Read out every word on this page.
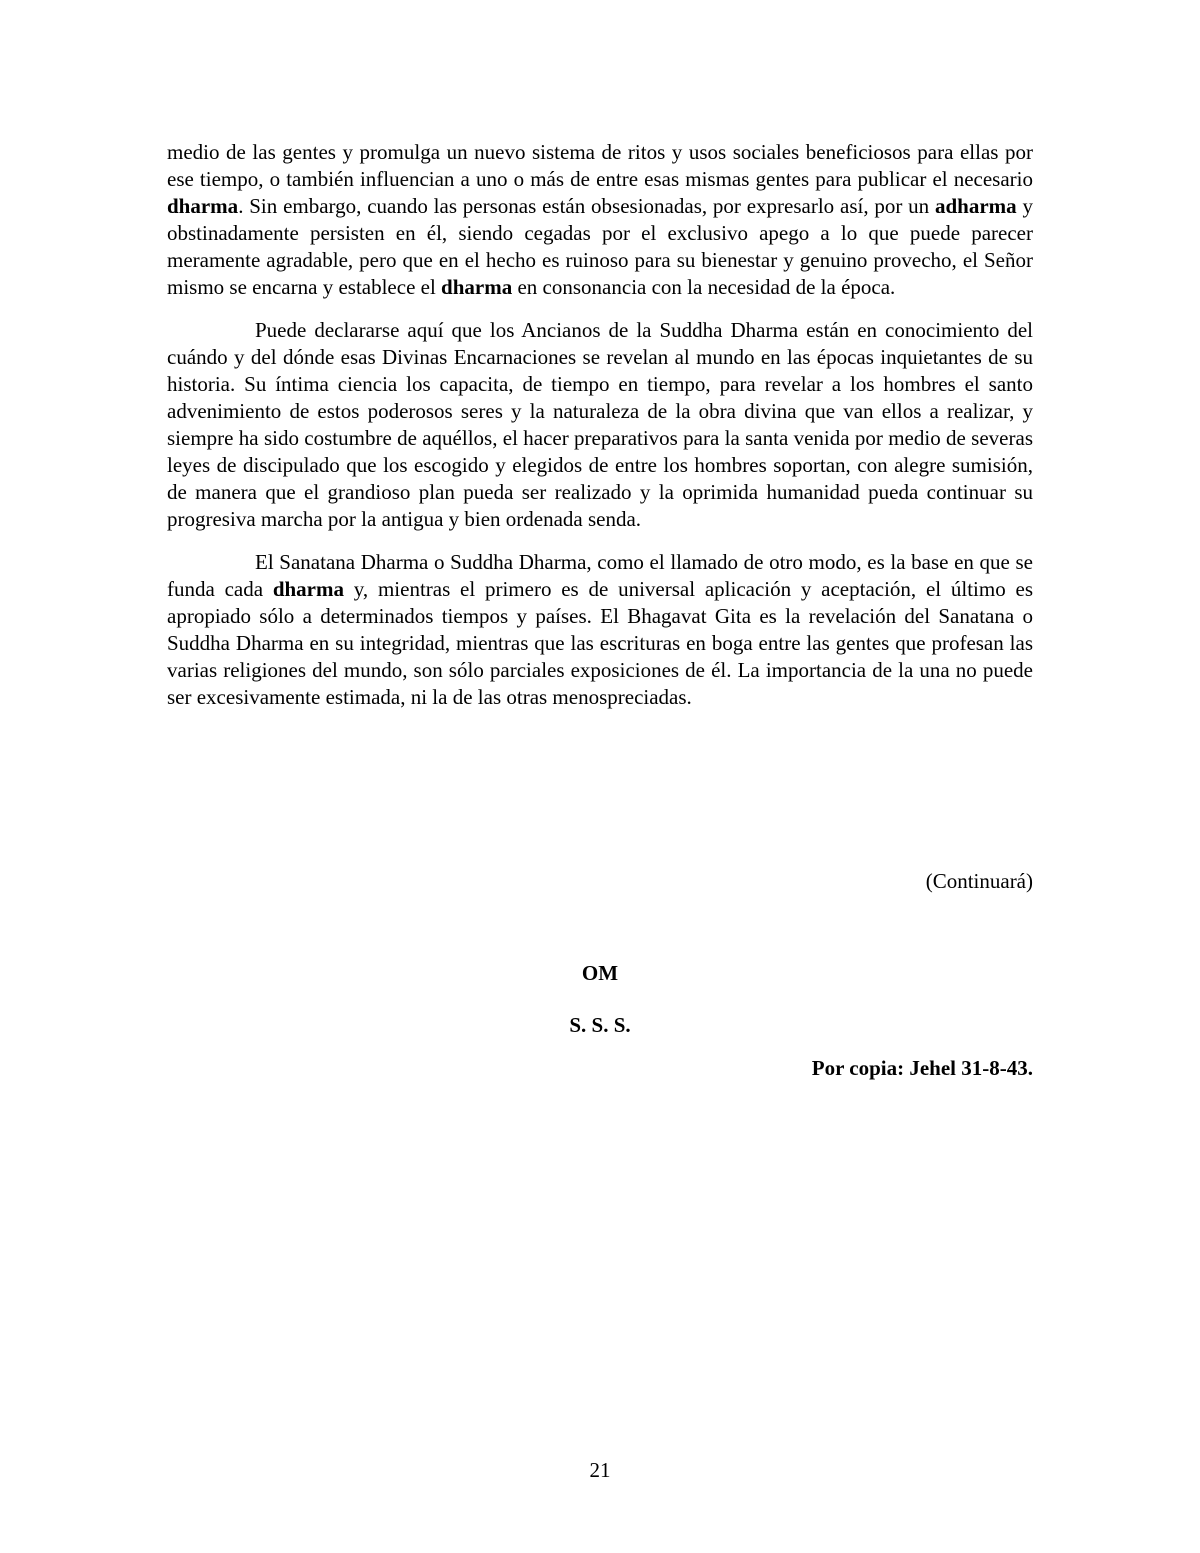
medio de las gentes y promulga un nuevo sistema de ritos y usos sociales beneficiosos para ellas por ese tiempo, o también influencian a uno o más de entre esas mismas gentes para publicar el necesario dharma. Sin embargo, cuando las personas están obsesionadas, por expresarlo así, por un adharma y obstinadamente persisten en él, siendo cegadas por el exclusivo apego a lo que puede parecer meramente agradable, pero que en el hecho es ruinoso para su bienestar y genuino provecho, el Señor mismo se encarna y establece el dharma en consonancia con la necesidad de la época.

Puede declararse aquí que los Ancianos de la Suddha Dharma están en conocimiento del cuándo y del dónde esas Divinas Encarnaciones se revelan al mundo en las épocas inquietantes de su historia. Su íntima ciencia los capacita, de tiempo en tiempo, para revelar a los hombres el santo advenimiento de estos poderosos seres y la naturaleza de la obra divina que van ellos a realizar, y siempre ha sido costumbre de aquéllos, el hacer preparativos para la santa venida por medio de severas leyes de discipulado que los escogido y elegidos de entre los hombres soportan, con alegre sumisión, de manera que el grandioso plan pueda ser realizado y la oprimida humanidad pueda continuar su progresiva marcha por la antigua y bien ordenada senda.

El Sanatana Dharma o Suddha Dharma, como el llamado de otro modo, es la base en que se funda cada dharma y, mientras el primero es de universal aplicación y aceptación, el último es apropiado sólo a determinados tiempos y países. El Bhagavat Gita es la revelación del Sanatana o Suddha Dharma en su integridad, mientras que las escrituras en boga entre las gentes que profesan las varias religiones del mundo, son sólo parciales exposiciones de él. La importancia de la una no puede ser excesivamente estimada, ni la de las otras menospreciadas.

(Continuará)
OM
S. S. S.
Por copia: Jehel 31-8-43.
21
